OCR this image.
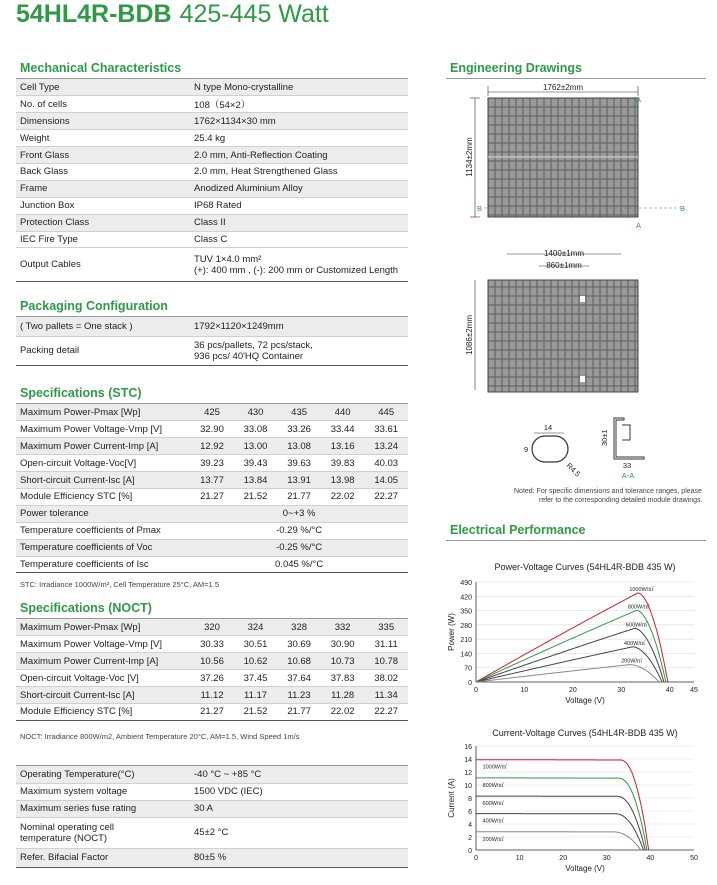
54HL4R-BDB 425-445 Watt
Mechanical Characteristics
Cell Type	N type Mono-crystalline
No. of cells	108（54×2）
Dimensions	1762×1134×30 mm
Weight	25.4 kg
Front Glass	2.0 mm, Anti-Reflection Coating
Back Glass	2.0 mm, Heat Strengthened Glass
Frame	Anodized Aluminium Alloy
Junction Box	IP68 Rated
Protection Class	Class II
IEC Fire Type	Class C
Output Cables	TUV 1×4.0 mm²
(+): 400 mm , (-): 200 mm or Customized Length
Packaging Configuration
( Two pallets = One stack )	1792×1120×1249mm
Packing detail	36 pcs/pallets, 72 pcs/stack,
936 pcs/ 40'HQ Container
Specifications (STC)
Maximum Power-Pmax [Wp]	425	430	435	440	445
Maximum Power Voltage-Vmp [V]	32.90	33.08	33.26	33.44	33.61
Maximum Power Current-Imp [A]	12.92	13.00	13.08	13.16	13.24
Open-circuit Voltage-Voc[V]	39.23	39.43	39.63	39.83	40.03
Short-circuit Current-Isc [A]	13.77	13.84	13.91	13.98	14.05
Module Efficiency STC [%]	21.27	21.52	21.77	22.02	22.27
Power tolerance	0~+3 %				
Temperature coefficients of Pmax	-0.29 %/°C				
Temperature coefficients of Voc	-0.25 %/°C				
Temperature coefficients of Isc	0.045 %/°C				
STC: Irradiance 1000W/m², Cell Temperature 25°C, AM=1.5
Specifications (NOCT)
Maximum Power-Pmax [Wp]	320	324	328	332	335
Maximum Power Voltage-Vmp [V]	30.33	30.51	30.69	30.90	31.11
Maximum Power Current-Imp [A]	10.56	10.62	10.68	10.73	10.78
Open-circuit Voltage-Voc [V]	37.26	37.45	37.64	37.83	38.02
Short-circuit Current-Isc [A]	11.12	11.17	11.23	11.28	11.34
Module Efficiency STC [%]	21.27	21.52	21.77	22.02	22.27
NOCT: Irradiance 800W/m2, Ambient Temperature 20°C, AM=1.5, Wind Speed 1m/s
Operating Temperature(°C)	-40 °C ~ +85 °C
Maximum system voltage	1500 VDC (IEC)
Maximum series fuse rating	30 A

Nominal operating cell
temperature (NOCT)	45±2 °C
Refer. Bifacial Factor	80±5 %
Engineering Drawings
1762±2mm
1134±2mm
A
A
B	B
1400±1mm
860±1mm
1086±2mm
14
9
R4.5
30±1
33
A-A
Noted: For specific dimensions and tolerance ranges, please
refer to the corresponding detailed module drawings.
Electrical Performance
Power-Voltage Curves (54HL4R-BDB 435 W)
0
70
140
210
280
350
420
490
0	10	20	30	40 45
Voltage (V)
Power (W)
1000W/㎡
800W/㎡
600W/㎡
400W/㎡
200W/㎡
Current-Voltage Curves (54HL4R-BDB 435 W)
0
2
4
6
8
10
12
14
16
0	10	20	30	40	50
Voltage (V)
Current (A)
1000W/㎡
800W/㎡
600W/㎡
400W/㎡
200W/㎡
